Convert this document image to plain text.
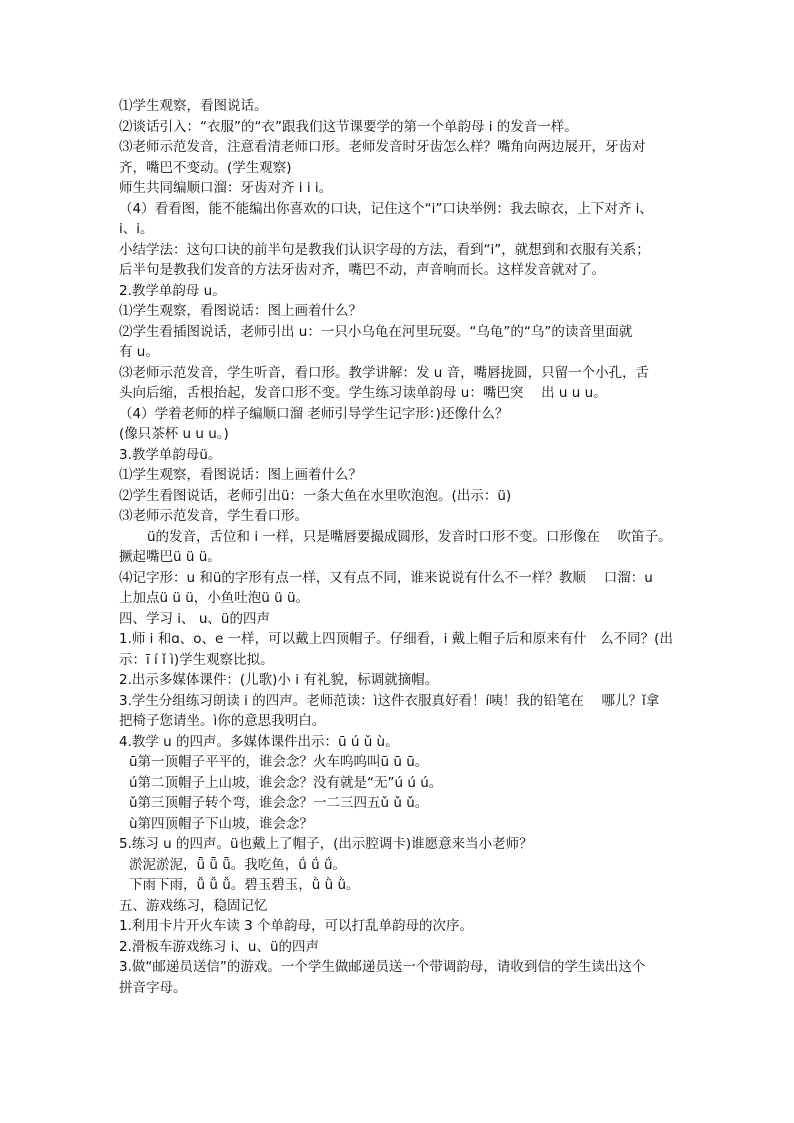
⑴学生观察，看图说话。
⑵谈话引入：“衣服”的“衣”跟我们这节课要学的第一个单韵母 i 的发音一样。
⑶老师示范发音，注意看清老师口形。老师发音时牙齿怎么样？嘴角向两边展开，牙齿对
齐，嘴巴不变动。(学生观察)
师生共同编顺口溜：牙齿对齐 i i i。
（4）看看图，能不能编出你喜欢的口诀，记住这个“i”口诀举例：我去晾衣，上下对齐 i、
i、i。
小结学法：这句口诀的前半句是教我们认识字母的方法，看到“i”，就想到和衣服有关系；
后半句是教我们发音的方法牙齿对齐，嘴巴不动，声音响而长。这样发音就对了。
2.教学单韵母 u。
⑴学生观察，看图说话：图上画着什么？
⑵学生看插图说话，老师引出 u：一只小乌龟在河里玩耍。“乌龟”的“乌”的读音里面就
有 u。
⑶老师示范发音，学生听音，看口形。教学讲解：发 u 音，嘴唇拢圆，只留一个小孔，舌
头向后缩，舌根抬起，发音口形不变。学生练习读单韵母 u：嘴巴突　 出 u u u。
（4）学着老师的样子编顺口溜 老师引导学生记字形：)还像什么？
(像只茶杯 u u u。)
3.教学单韵母ü。
⑴学生观察，看图说话：图上画着什么？
⑵学生看图说话，老师引出ü：一条大鱼在水里吹泡泡。(出示：ü)
⑶老师示范发音，学生看口形。
ü的发音，舌位和 i 一样，只是嘴唇要撮成圆形，发音时口形不变。口形像在　 吹笛子。
撅起嘴巴ü ü ü。
⑷记字形：u 和ü的字形有点一样，又有点不同，谁来说说有什么不一样？教顺　 口溜：u
上加点ü ü ü，小鱼吐泡ü ü ü。
四、学习 i、 u、ü的四声
1.师 i 和ɑ、o、e 一样，可以戴上四顶帽子。仔细看，i 戴上帽子后和原来有什　么不同？(出
示：ī í ǐ ì)学生观察比拟。
2.出示多媒体课件：(儿歌)小 i 有礼貌，标调就摘帽。
3.学生分组练习朗读 i 的四声。老师范读：ì这件衣服真好看！í咦！我的铅笔在　 哪儿？ǐ拿
把椅子您请坐。ì你的意思我明白。
4.教学 u 的四声。多媒体课件出示：ū ú ǔ ù。
ū第一顶帽子平平的，谁会念？火车呜呜叫ū ū ū。
ú第二顶帽子上山坡，谁会念？没有就是“无”ú ú ú。
ǔ第三顶帽子转个弯，谁会念？一二三四五ǔ ǔ ǔ。
ù第四顶帽子下山坡，谁会念？
5.练习 u 的四声。ü也戴上了帽子，(出示腔调卡)谁愿意来当小老师？
淤泥淤泥，ǖ ǖ ǖ。我吃鱼，ǘ ǘ ǘ。
下雨下雨，ǚ ǚ ǚ。碧玉碧玉，ǜ ǜ ǜ。
五、游戏练习，稳固记忆
1.利用卡片开火车读 3 个单韵母，可以打乱单韵母的次序。
2.滑板车游戏练习 i、u、ü的四声
3.做“邮递员送信”的游戏。一个学生做邮递员送一个带调韵母，请收到信的学生读出这个
拼音字母。
